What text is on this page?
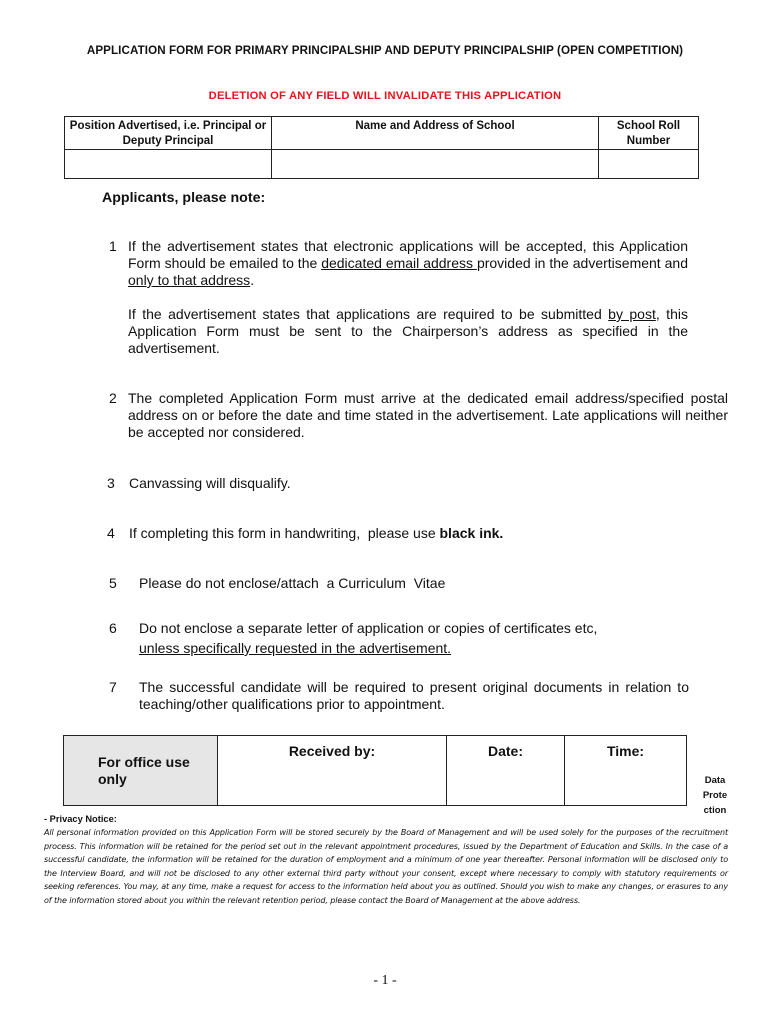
APPLICATION FORM FOR PRIMARY PRINCIPALSHIP AND DEPUTY PRINCIPALSHIP (OPEN COMPETITION)
DELETION OF ANY FIELD WILL INVALIDATE THIS APPLICATION
Position Advertised, i.e. Principal or Deputy Principal	Name and Address of School	School Roll Number

Applicants, please note:
1 If the advertisement states that electronic applications will be accepted, this Application Form should be emailed to the dedicated email address provided in the advertisement and only to that address.
If the advertisement states that applications are required to be submitted by post, this Application Form must be sent to the Chairperson’s address as specified in the advertisement.
2 The completed Application Form must arrive at the dedicated email address/specified postal address on or before the date and time stated in the advertisement. Late applications will neither be accepted nor considered.
3 Canvassing will disqualify.
4 If completing this form in handwriting,  please use black ink.
5 Please do not enclose/attach  a Curriculum  Vitae
6 Do not enclose a separate letter of application or copies of certificates etc,
unless specifically requested in the advertisement.
7 The successful candidate will be required to present original documents in relation to teaching/other qualifications prior to appointment.
For office use only	Received by:	Date:	Time:
Data
Prote
ction
- Privacy Notice:
All personal information provided on this Application Form will be stored securely by the Board of Management and will be used solely for the purposes of the recruitment process. This information will be retained for the period set out in the relevant appointment procedures, issued by the Department of Education and Skills. In the case of a successful candidate, the information will be retained for the duration of employment and a minimum of one year thereafter. Personal information will be disclosed only to the Interview Board, and will not be disclosed to any other external third party without your consent, except where necessary to comply with statutory requirements or seeking references. You may, at any time, make a request for access to the information held about you as outlined. Should you wish to make any changes, or erasures to any of the information stored about you within the relevant retention period, please contact the Board of Management at the above address.
- 1 -
